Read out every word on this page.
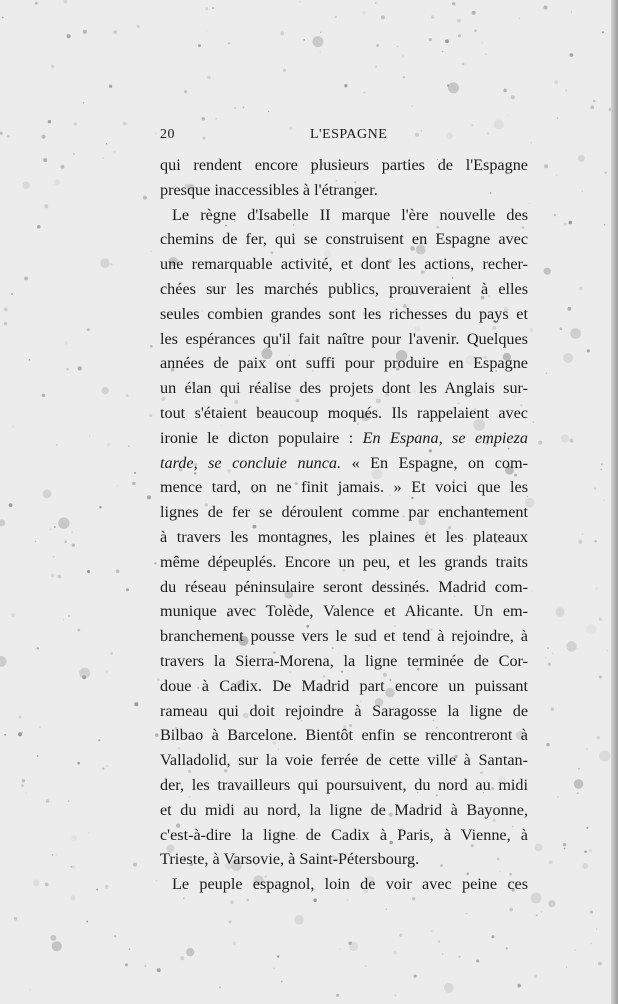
20	L'ESPAGNE
qui rendent encore plusieurs parties de l'Espagne
presque inaccessibles à l'étranger.
Le règne d'Isabelle II marque l'ère nouvelle des
chemins de fer, qui se construisent en Espagne avec
une remarquable activité, et dont les actions, recher-
chées sur les marchés publics, prouveraient à elles
seules combien grandes sont les richesses du pays et
les espérances qu'il fait naître pour l'avenir. Quelques
années de paix ont suffi pour produire en Espagne
un élan qui réalise des projets dont les Anglais sur-
tout s'étaient beaucoup moqués. Ils rappelaient avec
ironie le dicton populaire : En Espana, se empieza
tarde, se concluie nunca. « En Espagne, on com-
mence tard, on ne finit jamais. » Et voici que les
lignes de fer se déroulent comme par enchantement
à travers les montagnes, les plaines et les plateaux
même dépeuplés. Encore un peu, et les grands traits
du réseau péninsulaire seront dessinés. Madrid com-
munique avec Tolède, Valence et Alicante. Un em-
branchement pousse vers le sud et tend à rejoindre, à
travers la Sierra-Morena, la ligne terminée de Cor-
doue à Cadix. De Madrid part encore un puissant
rameau qui doit rejoindre à Saragosse la ligne de
Bilbao à Barcelone. Bientôt enfin se rencontreront à
Valladolid, sur la voie ferrée de cette ville à Santan-
der, les travailleurs qui poursuivent, du nord au midi
et du midi au nord, la ligne de Madrid à Bayonne,
c'est-à-dire la ligne de Cadix à Paris, à Vienne, à
Trieste, à Varsovie, à Saint-Pétersbourg.
Le peuple espagnol, loin de voir avec peine ces
